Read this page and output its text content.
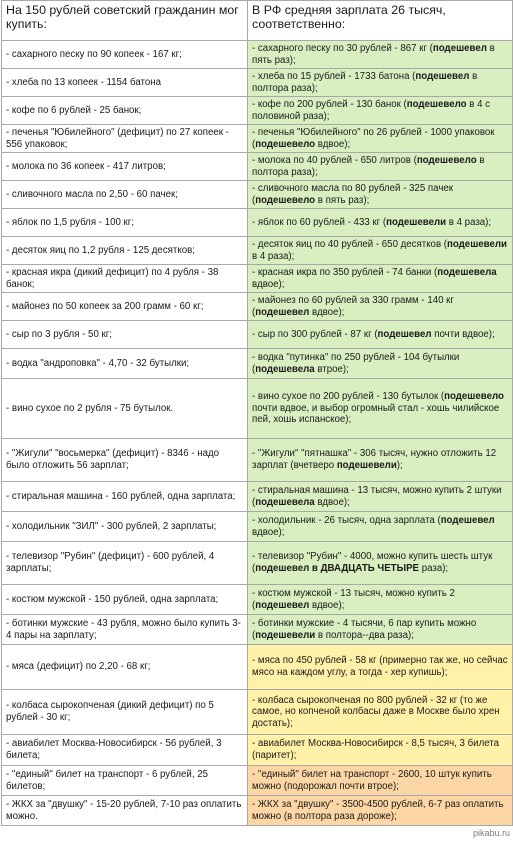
На 150 рублей советский гражданин мог купить:	В РФ средняя зарплата 26 тысяч, соответственно:
- сахарного песку по 90 копеек - 167 кг;	- сахарного песку по 30 рублей - 867 кг (подешевел в пять раз);
- хлеба по 13 копеек - 1154 батона	- хлеба по 15 рублей - 1733 батона (подешевел в полтора раза);
- кофе по 6 рублей - 25 банок;	- кофе по 200 рублей - 130 банок (подешевело в 4 с половиной раза);
- печенья "Юбилейного" (дефицит) по 27 копеек - 556 упаковок;	- печенья "Юбилейного" по 26 рублей - 1000 упаковок (подешевело вдвое);
- молока по 36 копеек - 417 литров;	- молока по 40 рублей - 650 литров (подешевело в полтора раза);
- сливочного масла по 2,50 - 60 пачек;	- сливочного масла по 80 рублей - 325 пачек (подешевело в пять раз);
- яблок по 1,5 рубля - 100 кг;	- яблок по 60 рублей - 433 кг (подешевели в 4 раза);
- десяток яиц по 1,2 рубля - 125 десятков;	- десяток яиц по 40 рублей - 650 десятков (подешевели в 4 раза);
- красная икра (дикий дефицит) по 4 рубля - 38 банок;	- красная икра по 350 рублей - 74 банки (подешевела вдвое);
- майонез по 50 копеек за 200 грамм - 60 кг;	- майонез по 60 рублей за 330 грамм - 140 кг (подешевел вдвое);
- сыр по 3 рубля - 50 кг;	- сыр по 300 рублей - 87 кг (подешевел почти вдвое);
- водка "андроповка" - 4,70 - 32 бутылки;	- водка "путинка" по 250 рублей - 104 бутылки (подешевела втрое);
- вино сухое по 2 рубля - 75 бутылок.	- вино сухое по 200 рублей - 130 бутылок (подешевело почти вдвое, и выбор огромный стал - хошь чилийское пей, хошь испанское);
- "Жигули" "восьмерка" (дефицит) - 8346 - надо было отложить 56 зарплат;	- "Жигули" "пятнашка" - 306 тысяч, нужно отложить 12 зарплат (вчетверо подешевели);
- стиральная машина - 160 рублей, одна зарплата;	- стиральная машина - 13 тысяч, можно купить 2 штуки (подешевела вдвое);
- холодильник "ЗИЛ" - 300 рублей, 2 зарплаты;	- холодильник - 26 тысяч, одна зарплата (подешевел вдвое);
- телевизор "Рубин" (дефицит) - 600 рублей, 4 зарплаты;	- телевизор "Рубин" - 4000, можно купить шесть штук (подешевел в ДВАДЦАТЬ ЧЕТЫРЕ раза);
- костюм мужской - 150 рублей, одна зарплата;	- костюм мужской - 13 тысяч, можно купить 2 (подешевел вдвое);
- ботинки мужские - 43 рубля, можно было купить 3-4 пары на зарплату;	- ботинки мужские - 4 тысячи, 6 пар купить можно (подешевели в полтора--два раза);
- мяса (дефицит) по 2,20 - 68 кг;	- мяса по 450 рублей - 58 кг (примерно так же, но сейчас мясо на каждом углу, а тогда - хер купишь);
- колбаса сырокопченая (дикий дефицит) по 5 рублей - 30 кг;	- колбаса сырокопченая по 800 рублей - 32 кг (то же самое, но копченой колбасы даже в Москве было хрен достать);
- авиабилет Москва-Новосибирск - 56 рублей, 3 билета;	- авиабилет Москва-Новосибирск - 8,5 тысяч, 3 билета (паритет);
- "единый" билет на транспорт - 6 рублей, 25 билетов;	- "единый" билет на транспорт - 2600, 10 штук купить можно (подорожал почти втрое);
- ЖКХ за "двушку" - 15-20 рублей, 7-10 раз оплатить можно.	- ЖКХ за "двушку" - 3500-4500 рублей, 6-7 раз оплатить можно (в полтора раза дороже);
pikabu.ru
